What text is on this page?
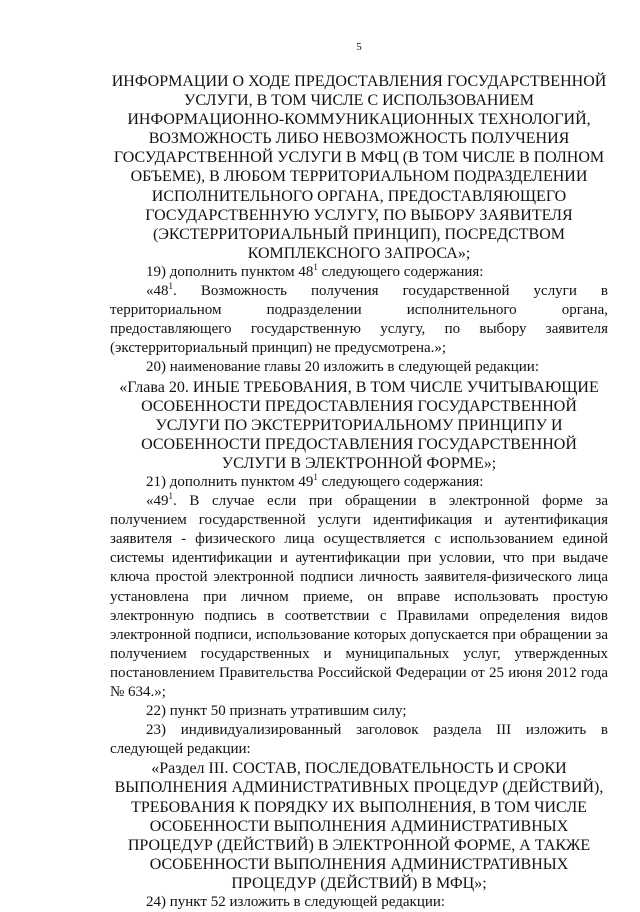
5

ИНФОРМАЦИИ О ХОДЕ ПРЕДОСТАВЛЕНИЯ ГОСУДАРСТВЕННОЙ УСЛУГИ, В ТОМ ЧИСЛЕ С ИСПОЛЬЗОВАНИЕМ ИНФОРМАЦИОННО-КОММУНИКАЦИОННЫХ ТЕХНОЛОГИЙ, ВОЗМОЖНОСТЬ ЛИБО НЕВОЗМОЖНОСТЬ ПОЛУЧЕНИЯ ГОСУДАРСТВЕННОЙ УСЛУГИ В МФЦ (В ТОМ ЧИСЛЕ В ПОЛНОМ ОБЪЕМЕ), В ЛЮБОМ ТЕРРИТОРИАЛЬНОМ ПОДРАЗДЕЛЕНИИ ИСПОЛНИТЕЛЬНОГО ОРГАНА, ПРЕДОСТАВЛЯЮЩЕГО ГОСУДАРСТВЕННУЮ УСЛУГУ, ПО ВЫБОРУ ЗАЯВИТЕЛЯ (ЭКСТЕРРИТОРИАЛЬНЫЙ ПРИНЦИП), ПОСРЕДСТВОМ КОМПЛЕКСНОГО ЗАПРОСА»;

19) дополнить пунктом $48^1$ следующего содержания:

«$48^1$. Возможность получения государственной услуги в территориальном подразделении исполнительного органа, предоставляющего государственную услугу, по выбору заявителя (экстерриториальный принцип) не предусмотрена.»;

20) наименование главы 20 изложить в следующей редакции:

«Глава 20. ИНЫЕ ТРЕБОВАНИЯ, В ТОМ ЧИСЛЕ УЧИТЫВАЮЩИЕ ОСОБЕННОСТИ ПРЕДОСТАВЛЕНИЯ ГОСУДАРСТВЕННОЙ УСЛУГИ ПО ЭКСТЕРРИТОРИАЛЬНОМУ ПРИНЦИПУ И ОСОБЕННОСТИ ПРЕДОСТАВЛЕНИЯ ГОСУДАРСТВЕННОЙ УСЛУГИ В ЭЛЕКТРОННОЙ ФОРМЕ»;

21) дополнить пунктом $49^1$ следующего содержания:

«$49^1$. В случае если при обращении в электронной форме за получением государственной услуги идентификация и аутентификация заявителя - физического лица осуществляется с использованием единой системы идентификации и аутентификации при условии, что при выдаче ключа простой электронной подписи личность заявителя-физического лица установлена при личном приеме, он вправе использовать простую электронную подпись в соответствии с Правилами определения видов электронной подписи, использование которых допускается при обращении за получением государственных и муниципальных услуг, утвержденных постановлением Правительства Российской Федерации от 25 июня 2012 года № 634.»;

22) пункт 50 признать утратившим силу;

23) индивидуализированный заголовок раздела III изложить в следующей редакции:

«Раздел III. СОСТАВ, ПОСЛЕДОВАТЕЛЬНОСТЬ И СРОКИ ВЫПОЛНЕНИЯ АДМИНИСТРАТИВНЫХ ПРОЦЕДУР (ДЕЙСТВИЙ), ТРЕБОВАНИЯ К ПОРЯДКУ ИХ ВЫПОЛНЕНИЯ, В ТОМ ЧИСЛЕ ОСОБЕННОСТИ ВЫПОЛНЕНИЯ АДМИНИСТРАТИВНЫХ ПРОЦЕДУР (ДЕЙСТВИЙ) В ЭЛЕКТРОННОЙ ФОРМЕ, А ТАКЖЕ ОСОБЕННОСТИ ВЫПОЛНЕНИЯ АДМИНИСТРАТИВНЫХ ПРОЦЕДУР (ДЕЙСТВИЙ) В МФЦ»;

24) пункт 52 изложить в следующей редакции:
